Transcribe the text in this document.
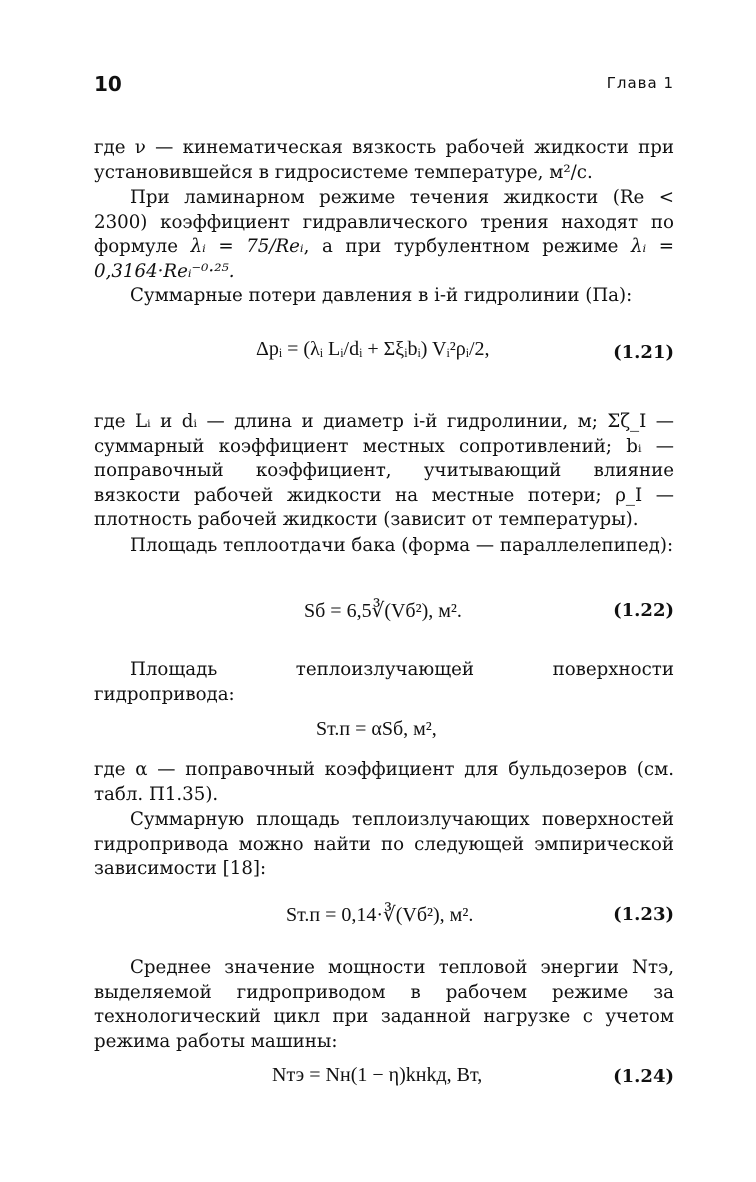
10	Глава 1

где ν — кинематическая вязкость рабочей жидкости при установившейся в гидросистеме температуре, м²/с.

При ламинарном режиме течения жидкости (Re < 2300) коэффициент гидравлического трения находят по формуле λᵢ = 75/Reᵢ, а при турбулентном режиме λᵢ = 0,3164·Reᵢ⁻⁰·²⁵.

Суммарные потери давления в i-й гидролинии (Па):

Δpᵢ = (λᵢ Lᵢ/dᵢ + Σξᵢbᵢ) Vᵢ²ρᵢ/2,	(1.21)

где Lᵢ и dᵢ — длина и диаметр i-й гидролинии, м; Σζ_I — суммарный коэффициент местных сопротивлений; bᵢ — поправочный коэффициент, учитывающий влияние вязкости рабочей жидкости на местные потери; ρ_I — плотность рабочей жидкости (зависит от температуры).

Площадь теплоотдачи бака (форма — параллелепипед):

Sб = 6,5∛(Vб²), м².	(1.22)

Площадь теплоизлучающей поверхности гидропривода:

Sт.п = αSб, м²,

где α — поправочный коэффициент для бульдозеров (см. табл. П1.35).

Суммарную площадь теплоизлучающих поверхностей гидропривода можно найти по следующей эмпирической зависимости [18]:

Sт.п = 0,14·∛(Vб²), м².	(1.23)

Среднее значение мощности тепловой энергии Nтэ, выделяемой гидроприводом в рабочем режиме за технологический цикл при заданной нагрузке с учетом режима работы машины:

Nтэ = Nн(1 − η)kнkд, Вт,	(1.24)
